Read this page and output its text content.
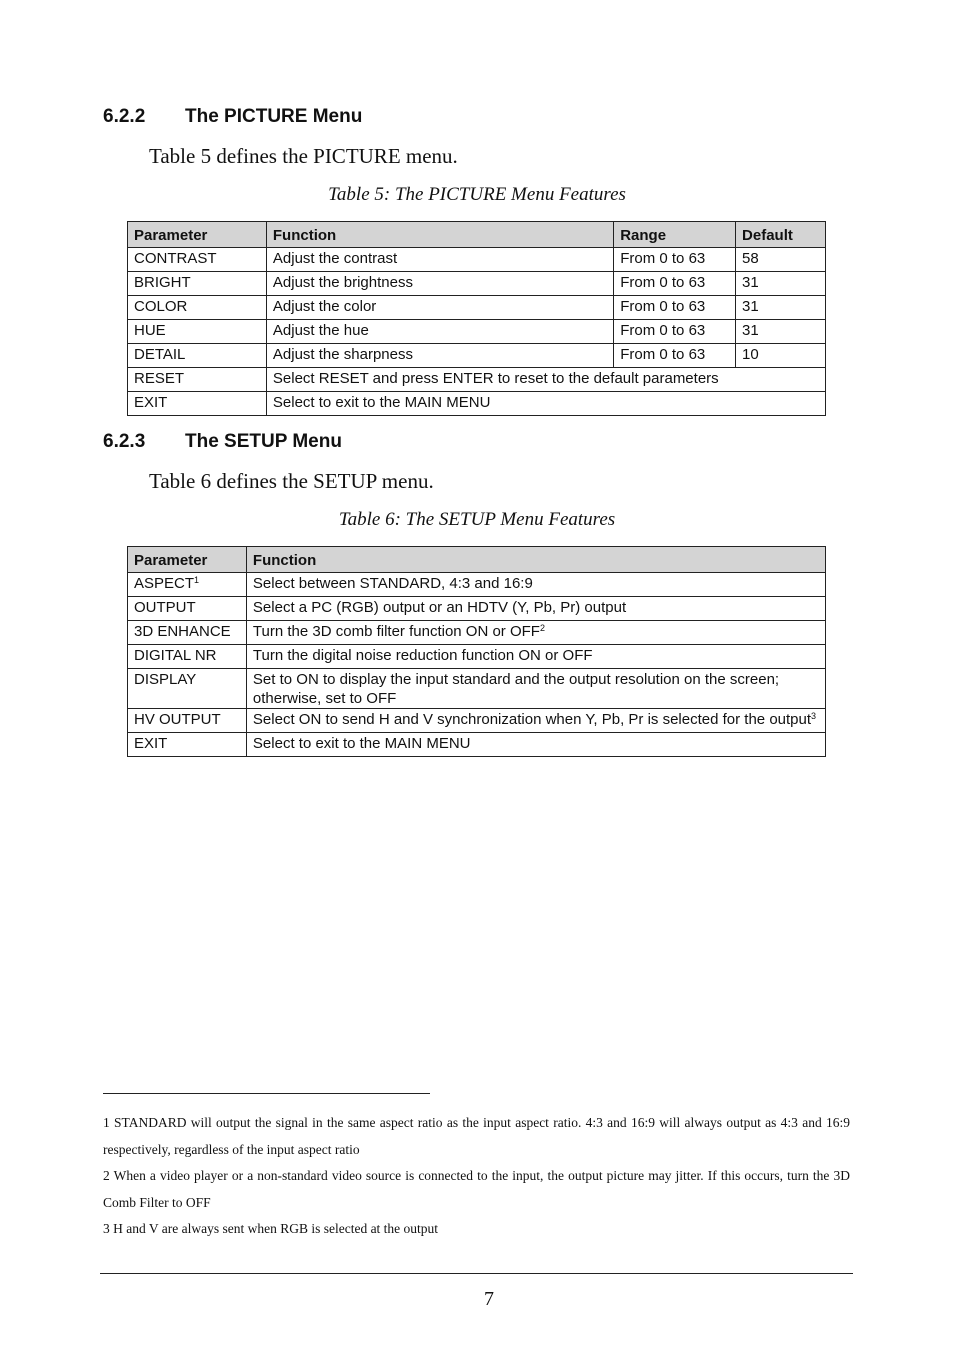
6.2.2 The PICTURE Menu
Table 5 defines the PICTURE menu.
Table 5: The PICTURE Menu Features
Parameter	Function	Range	Default
CONTRAST	Adjust the contrast	From 0 to 63	58
BRIGHT	Adjust the brightness	From 0 to 63	31
COLOR	Adjust the color	From 0 to 63	31
HUE	Adjust the hue	From 0 to 63	31
DETAIL	Adjust the sharpness	From 0 to 63	10
RESET	Select RESET and press ENTER to reset to the default parameters		
EXIT	Select to exit to the MAIN MENU		
6.2.3 The SETUP Menu
Table 6 defines the SETUP menu.
Table 6: The SETUP Menu Features
Parameter	Function
ASPECT$^1$	Select between STANDARD, 4:3 and 16:9
OUTPUT	Select a PC (RGB) output or an HDTV (Y, Pb, Pr) output
3D ENHANCE	Turn the 3D comb filter function ON or OFF$^2$
DIGITAL NR	Turn the digital noise reduction function ON or OFF
DISPLAY	Set to ON to display the input standard and the output resolution on the screen; otherwise, set to OFF
HV OUTPUT	Select ON to send H and V synchronization when Y, Pb, Pr is selected for the output$^3$
EXIT	Select to exit to the MAIN MENU

1 STANDARD will output the signal in the same aspect ratio as the input aspect ratio. 4:3 and 16:9 will always output as 4:3 and 16:9 respectively, regardless of the input aspect ratio

2 When a video player or a non-standard video source is connected to the input, the output picture may jitter. If this occurs, turn the 3D Comb Filter to OFF

3 H and V are always sent when RGB is selected at the output

7
